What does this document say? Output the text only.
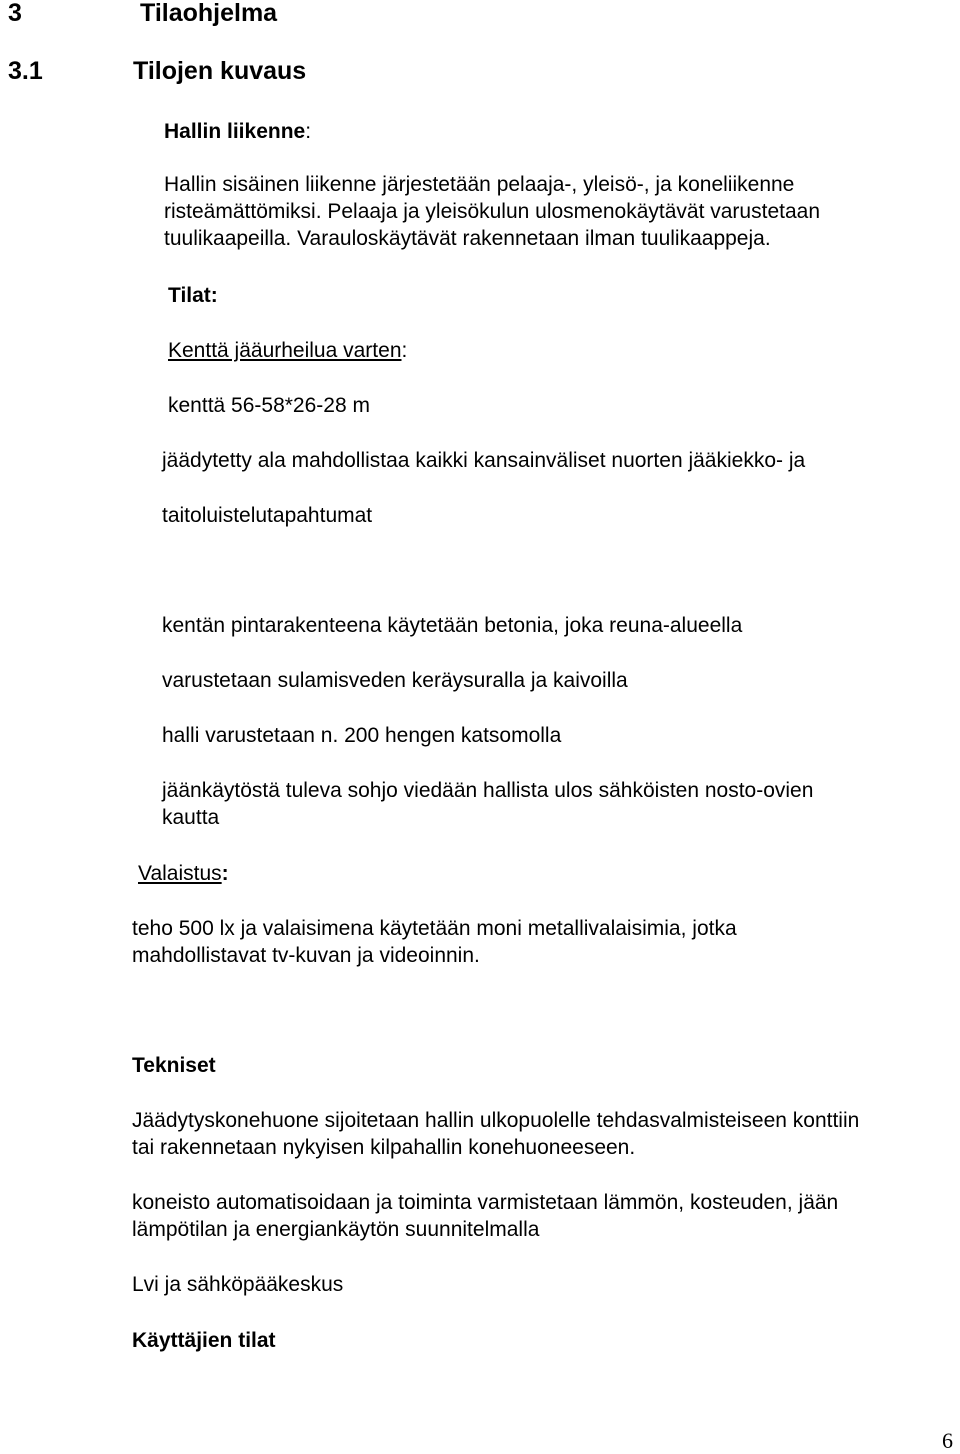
3	Tilaohjelma
3.1	Tilojen kuvaus
Hallin liikenne:
Hallin sisäinen liikenne järjestetään pelaaja-, yleisö-, ja koneliikenne
risteämättömiksi. Pelaaja ja yleisökulun ulosmenokäytävät varustetaan
tuulikaapeilla. Varauloskäytävät rakennetaan ilman tuulikaappeja.
Tilat:
Kenttä jääurheilua varten:
kenttä 56-58*26-28 m
jäädytetty ala mahdollistaa kaikki kansainväliset nuorten jääkiekko- ja
taitoluistelutapahtumat
kentän pintarakenteena käytetään betonia, joka reuna-alueella
varustetaan sulamisveden keräysuralla ja kaivoilla
halli varustetaan n. 200 hengen katsomolla
jäänkäytöstä tuleva sohjo viedään hallista ulos sähköisten nosto-ovien
kautta
Valaistus:
teho 500 lx ja valaisimena käytetään moni metallivalaisimia, jotka
mahdollistavat tv-kuvan ja videoinnin.
Tekniset
Jäädytyskonehuone sijoitetaan hallin ulkopuolelle tehdasvalmisteiseen konttiin
tai rakennetaan nykyisen kilpahallin konehuoneeseen.
koneisto automatisoidaan ja toiminta varmistetaan lämmön, kosteuden, jään
lämpötilan ja energiankäytön suunnitelmalla
Lvi ja sähköpääkeskus
Käyttäjien tilat
6
